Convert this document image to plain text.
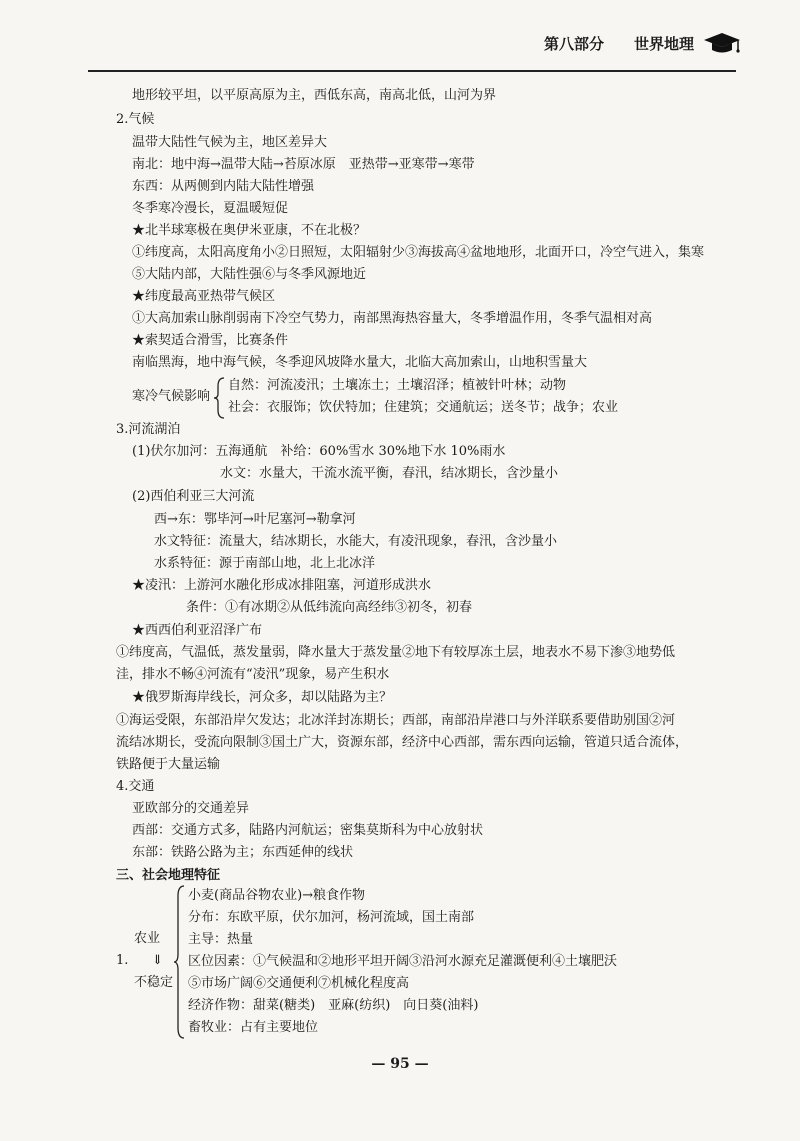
第八部分 世界地理
地形较平坦，以平原高原为主，西低东高，南高北低，山河为界
2.气候
温带大陆性气候为主，地区差异大
南北：地中海→温带大陆→苔原冰原　亚热带→亚寒带→寒带
东西：从两侧到内陆大陆性增强
冬季寒冷漫长，夏温暖短促
★北半球寒极在奥伊米亚康，不在北极？
①纬度高，太阳高度角小②日照短，太阳辐射少③海拔高④盆地地形，北面开口，冷空气进入，集寒
⑤大陆内部，大陆性强⑥与冬季风源地近
★纬度最高亚热带气候区
①大高加索山脉削弱南下冷空气势力，南部黑海热容量大，冬季增温作用，冬季气温相对高
★索契适合滑雪，比赛条件
南临黑海，地中海气候，冬季迎风坡降水量大，北临大高加索山，山地积雪量大
寒冷气候影响
自然：河流凌汛；土壤冻土；土壤沼泽；植被针叶林；动物
社会：衣服饰；饮伏特加；住建筑；交通航运；送冬节；战争；农业
3.河流湖泊
(1)伏尔加河：五海通航　补给：60%雪水 30%地下水 10%雨水
水文：水量大，干流水流平衡，春汛，结冰期长，含沙量小
(2)西伯利亚三大河流
西→东：鄂毕河→叶尼塞河→勒拿河
水文特征：流量大，结冰期长，水能大，有凌汛现象，春汛，含沙量小
水系特征：源于南部山地，北上北冰洋
★凌汛：上游河水融化形成冰排阻塞，河道形成洪水
条件：①有冰期②从低纬流向高经纬③初冬，初春
★西西伯利亚沼泽广布
①纬度高，气温低，蒸发量弱，降水量大于蒸发量②地下有较厚冻土层，地表水不易下渗③地势低
洼，排水不畅④河流有“凌汛”现象，易产生积水
★俄罗斯海岸线长，河众多，却以陆路为主？
①海运受限，东部沿岸欠发达；北冰洋封冻期长；西部，南部沿岸港口与外洋联系要借助别国②河
流结冰期长，受流向限制③国土广大，资源东部，经济中心西部，需东西向运输，管道只适合流体，
铁路便于大量运输
4.交通
亚欧部分的交通差异
西部：交通方式多，陆路内河航运；密集莫斯科为中心放射状
东部：铁路公路为主；东西延伸的线状
三、社会地理特征
1.
农业
⇓
不稳定
小麦(商品谷物农业)→粮食作物
分布：东欧平原，伏尔加河，杨河流域，国土南部
主导：热量
区位因素：①气候温和②地形平坦开阔③沿河水源充足灌溉便利④土壤肥沃
⑤市场广阔⑥交通便利⑦机械化程度高
经济作物：甜菜(糖类)　亚麻(纺织)　向日葵(油料)
畜牧业：占有主要地位
— 95 —
